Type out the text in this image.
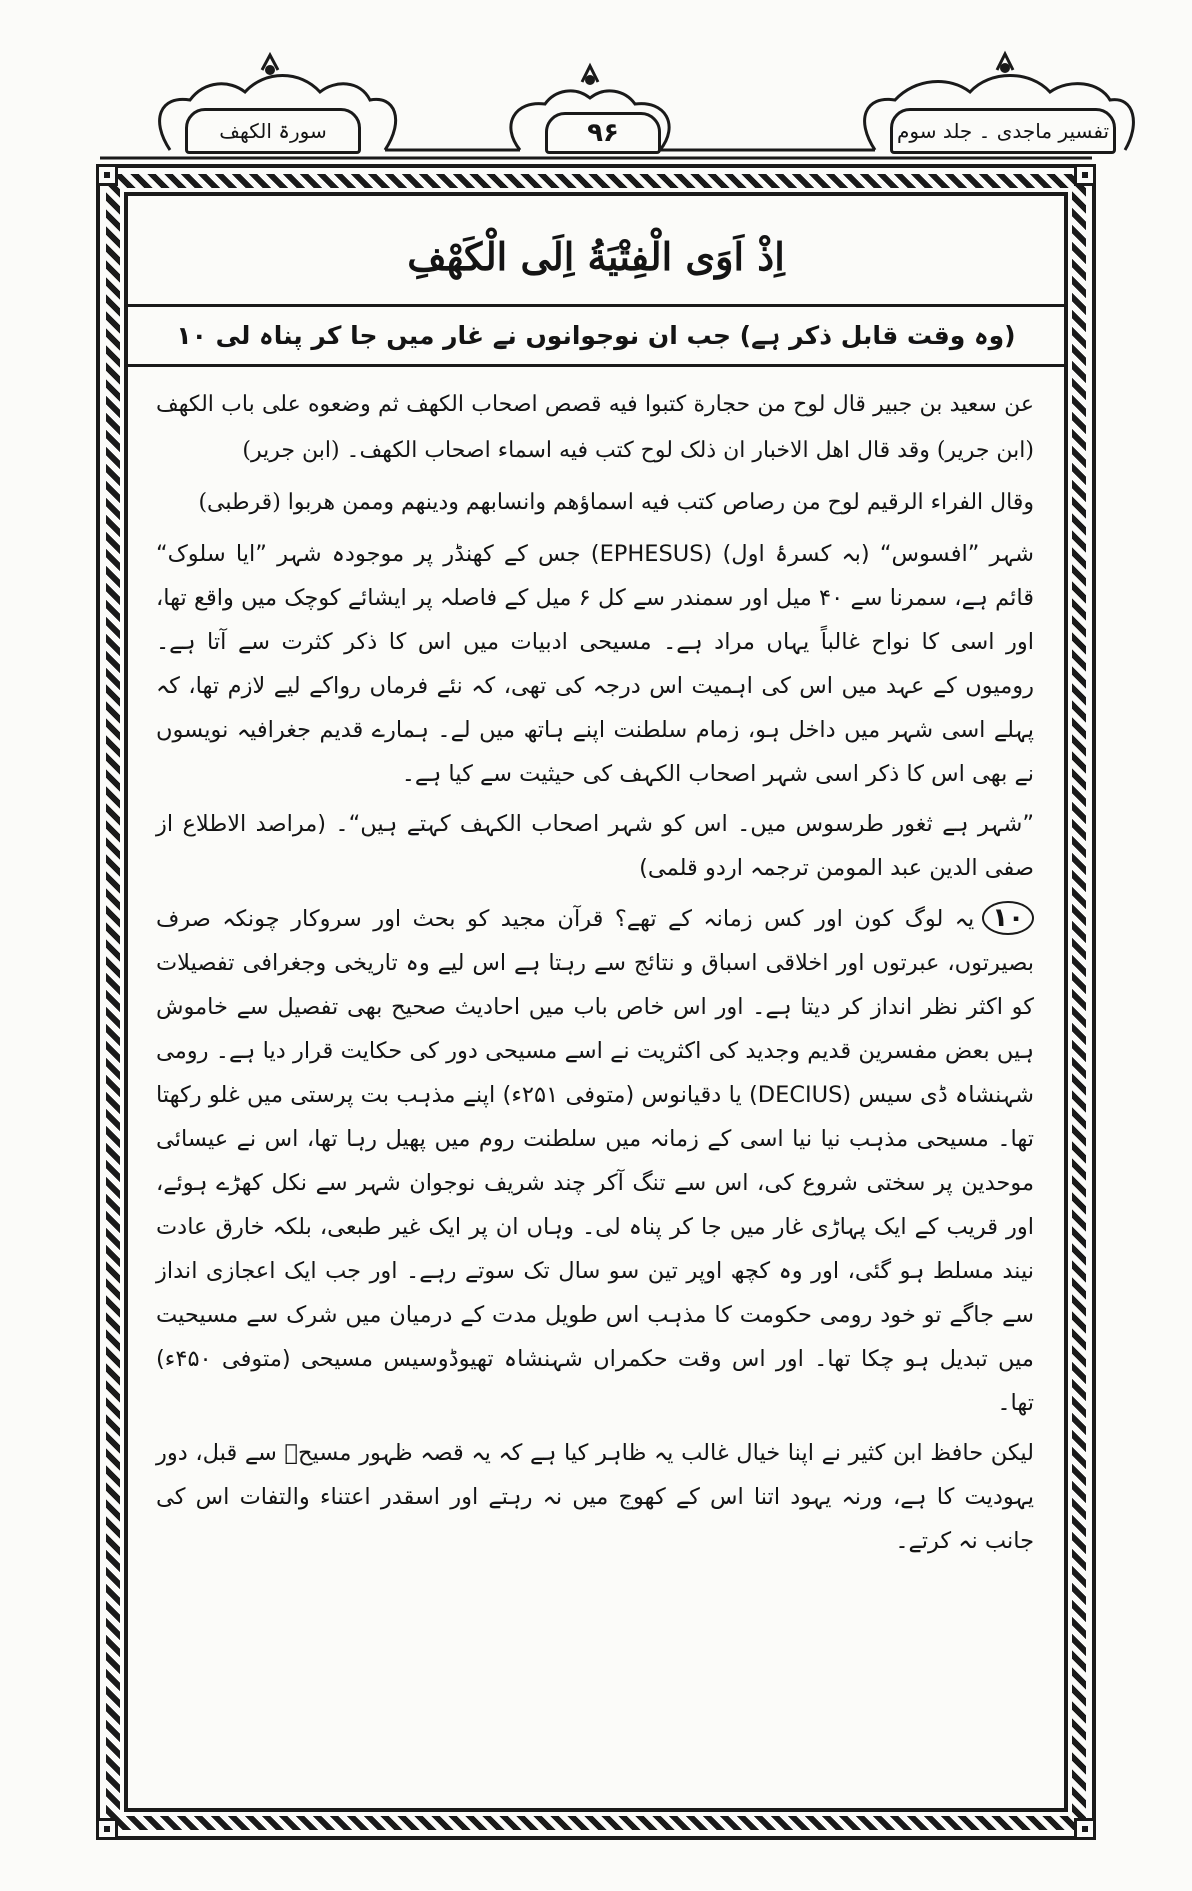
سورۃ الکھف	۹۶	تفسیر ماجدی ۔ جلد سوم
اِذْ اَوَى الْفِتْيَةُ اِلَى الْكَهْفِ
(وہ وقت قابل ذکر ہے) جب ان نوجوانوں نے غار میں جا کر پناہ لی ۱۰

عن سعید بن جبیر قال لوح من حجارة کتبوا فیه قصص اصحاب الکهف ثم وضعوه علی باب الکهف (ابن جریر) وقد قال اهل الاخبار ان ذلک لوح کتب فیه اسماء اصحاب الکهف۔ (ابن جریر)

وقال الفراء الرقیم لوح من رصاص کتب فیه اسماؤهم وانسابهم ودینهم وممن هربوا (قرطبی)

شہر ”افسوس“ (بہ کسرۂ اول) (EPHESUS) جس کے کھنڈر پر موجودہ شہر ”ایا سلوک“ قائم ہے، سمرنا سے ۴۰ میل اور سمندر سے کل ۶ میل کے فاصلہ پر ایشائے کوچک میں واقع تھا، اور اسی کا نواح غالباً یہاں مراد ہے۔ مسیحی ادبیات میں اس کا ذکر کثرت سے آتا ہے۔ رومیوں کے عہد میں اس کی اہمیت اس درجہ کی تھی، کہ نئے فرماں رواکے لیے لازم تھا، کہ پہلے اسی شہر میں داخل ہو، زمام سلطنت اپنے ہاتھ میں لے۔ ہمارے قدیم جغرافیہ نویسوں نے بھی اس کا ذکر اسی شہر اصحاب الکہف کی حیثیت سے کیا ہے۔

”شہر ہے ثغور طرسوس میں۔ اس کو شہر اصحاب الکہف کہتے ہیں“۔ (مراصد الاطلاع از صفی الدین عبد المومن ترجمہ اردو قلمی)

۱۰یہ لوگ کون اور کس زمانہ کے تھے؟ قرآن مجید کو بحث اور سروکار چونکہ صرف بصیرتوں، عبرتوں اور اخلاقی اسباق و نتائج سے رہتا ہے اس لیے وہ تاریخی وجغرافی تفصیلات کو اکثر نظر انداز کر دیتا ہے۔ اور اس خاص باب میں احادیث صحیح بھی تفصیل سے خاموش ہیں بعض مفسرین قدیم وجدید کی اکثریت نے اسے مسیحی دور کی حکایت قرار دیا ہے۔ رومی شہنشاہ ڈی سیس (DECIUS) یا دقیانوس (متوفی ۲۵۱ء) اپنے مذہب بت پرستی میں غلو رکھتا تھا۔ مسیحی مذہب نیا نیا اسی کے زمانہ میں سلطنت روم میں پھیل رہا تھا، اس نے عیسائی موحدین پر سختی شروع کی، اس سے تنگ آکر چند شریف نوجوان شہر سے نکل کھڑے ہوئے، اور قریب کے ایک پہاڑی غار میں جا کر پناہ لی۔ وہاں ان پر ایک غیر طبعی، بلکہ خارق عادت نیند مسلط ہو گئی، اور وہ کچھ اوپر تین سو سال تک سوتے رہے۔ اور جب ایک اعجازی انداز سے جاگے تو خود رومی حکومت کا مذہب اس طویل مدت کے درمیان میں شرک سے مسیحیت میں تبدیل ہو چکا تھا۔ اور اس وقت حکمراں شہنشاہ تھیوڈوسیس مسیحی (متوفی ۴۵۰ء) تھا۔

لیکن حافظ ابن کثیر نے اپنا خیال غالب یہ ظاہر کیا ہے کہ یہ قصہ ظہور مسیحؑ سے قبل، دور یہودیت کا ہے، ورنہ یہود اتنا اس کے کھوج میں نہ رہتے اور اسقدر اعتناء والتفات اس کی جانب نہ کرتے۔
